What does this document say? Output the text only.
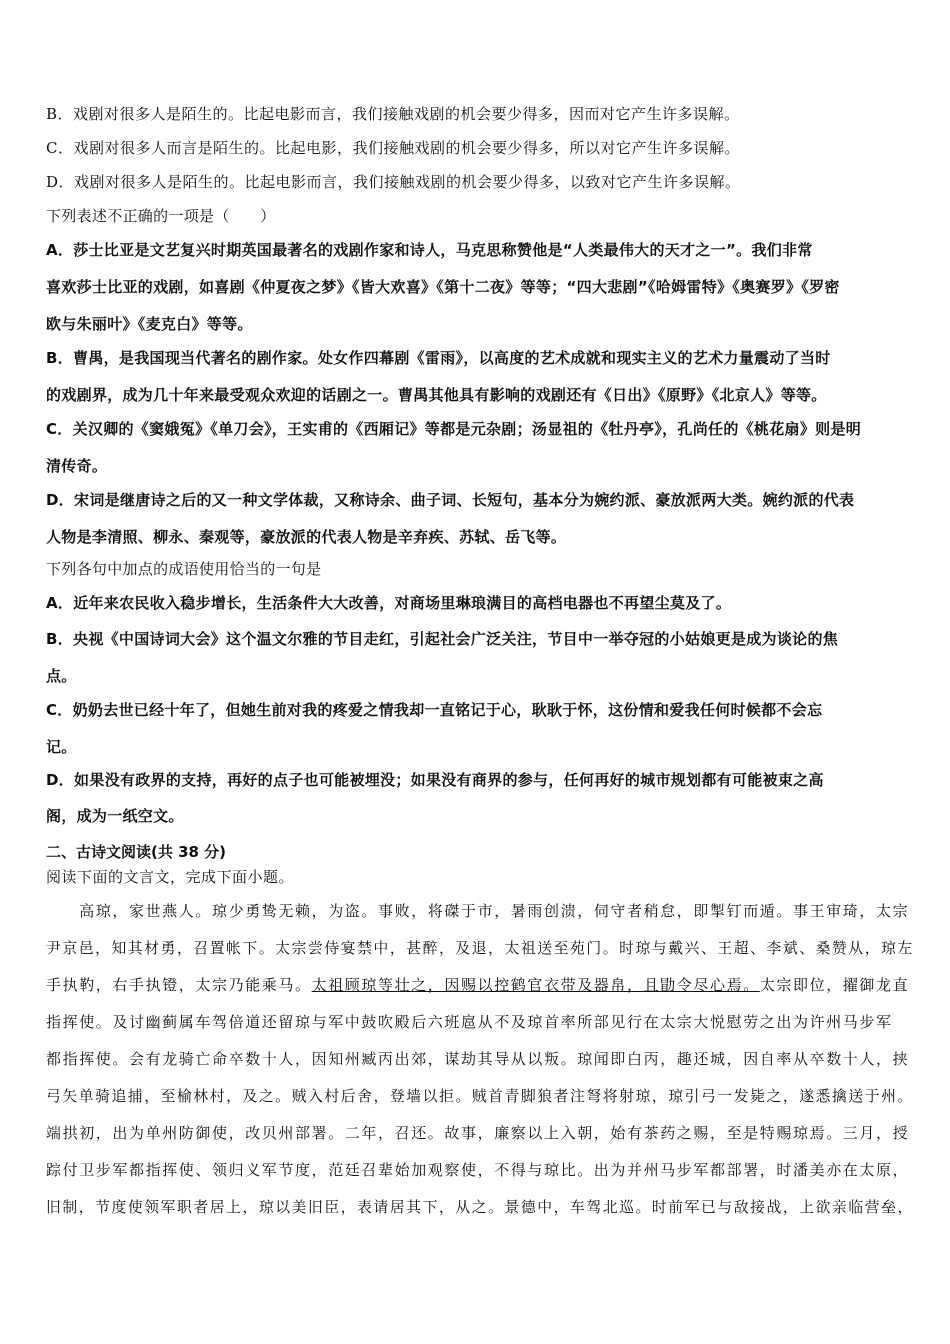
B．戏剧对很多人是陌生的。比起电影而言，我们接触戏剧的机会要少得多，因而对它产生许多误解。
C．戏剧对很多人而言是陌生的。比起电影，我们接触戏剧的机会要少得多，所以对它产生许多误解。
D．戏剧对很多人是陌生的。比起电影而言，我们接触戏剧的机会要少得多，以致对它产生许多误解。
下列表述不正确的一项是（　　）
A．莎士比亚是文艺复兴时期英国最著名的戏剧作家和诗人，马克思称赞他是“人类最伟大的天才之一”。我们非常
喜欢莎士比亚的戏剧，如喜剧《仲夏夜之梦》《皆大欢喜》《第十二夜》等等；“四大悲剧”《哈姆雷特》《奥赛罗》《罗密
欧与朱丽叶》《麦克白》等等。
B．曹禺，是我国现当代著名的剧作家。处女作四幕剧《雷雨》，以高度的艺术成就和现实主义的艺术力量震动了当时
的戏剧界，成为几十年来最受观众欢迎的话剧之一。曹禺其他具有影响的戏剧还有《日出》《原野》《北京人》等等。
C．关汉卿的《窦娥冤》《单刀会》，王实甫的《西厢记》等都是元杂剧；汤显祖的《牡丹亭》，孔尚任的《桃花扇》则是明
清传奇。
D．宋词是继唐诗之后的又一种文学体裁，又称诗余、曲子词、长短句，基本分为婉约派、豪放派两大类。婉约派的代表
人物是李清照、柳永、秦观等，豪放派的代表人物是辛弃疾、苏轼、岳飞等。
下列各句中加点的成语使用恰当的一句是
A．近年来农民收入稳步增长，生活条件大大改善，对商场里琳琅满目的高档电器也不再望尘莫及了。
B．央视《中国诗词大会》这个温文尔雅的节目走红，引起社会广泛关注，节目中一举夺冠的小姑娘更是成为谈论的焦
点。
C．奶奶去世已经十年了，但她生前对我的疼爱之情我却一直铭记于心，耿耿于怀，这份情和爱我任何时候都不会忘
记。
D．如果没有政界的支持，再好的点子也可能被埋没；如果没有商界的参与，任何再好的城市规划都有可能被束之高
阁，成为一纸空文。
二、古诗文阅读(共 38 分)
阅读下面的文言文，完成下面小题。
　　高琼，家世燕人。琼少勇鸷无赖，为盗。事败，将磔于市，暑雨创溃，伺守者稍怠，即掣钉而遁。事王审琦，太宗
尹京邑，知其材勇，召置帐下。太宗尝侍宴禁中，甚醉，及退，太祖送至苑门。时琼与戴兴、王超、李斌、桑赞从，琼左
手执靮，右手执镫，太宗乃能乘马。太祖顾琼等壮之，因赐以控鹤官衣带及器帛，且勖令尽心焉。太宗即位，擢御龙直
指挥使。及讨幽蓟属车驾倍道还留琼与军中鼓吹殿后六班扈从不及琼首率所部见行在太宗大悦慰劳之出为许州马步军
都指挥使。会有龙骑亡命卒数十人，因知州臧丙出郊，谋劫其导从以叛。琼闻即白丙，趣还城，因自率从卒数十人，挟
弓矢单骑追捕，至榆林村，及之。贼入村后舍，登墙以拒。贼首青脚狼者注弩将射琼，琼引弓一发毙之，遂悉擒送于州。
端拱初，出为单州防御使，改贝州部署。二年，召还。故事，廉察以上入朝，始有茶药之赐，至是特赐琼焉。三月，授
踪付卫步军都指挥使、领归义军节度，范廷召辈始加观察使，不得与琼比。出为并州马步军都部署，时潘美亦在太原，
旧制，节度使领军职者居上，琼以美旧臣，表请居其下，从之。景德中，车驾北巡。时前军已与敌接战，上欲亲临营垒，
